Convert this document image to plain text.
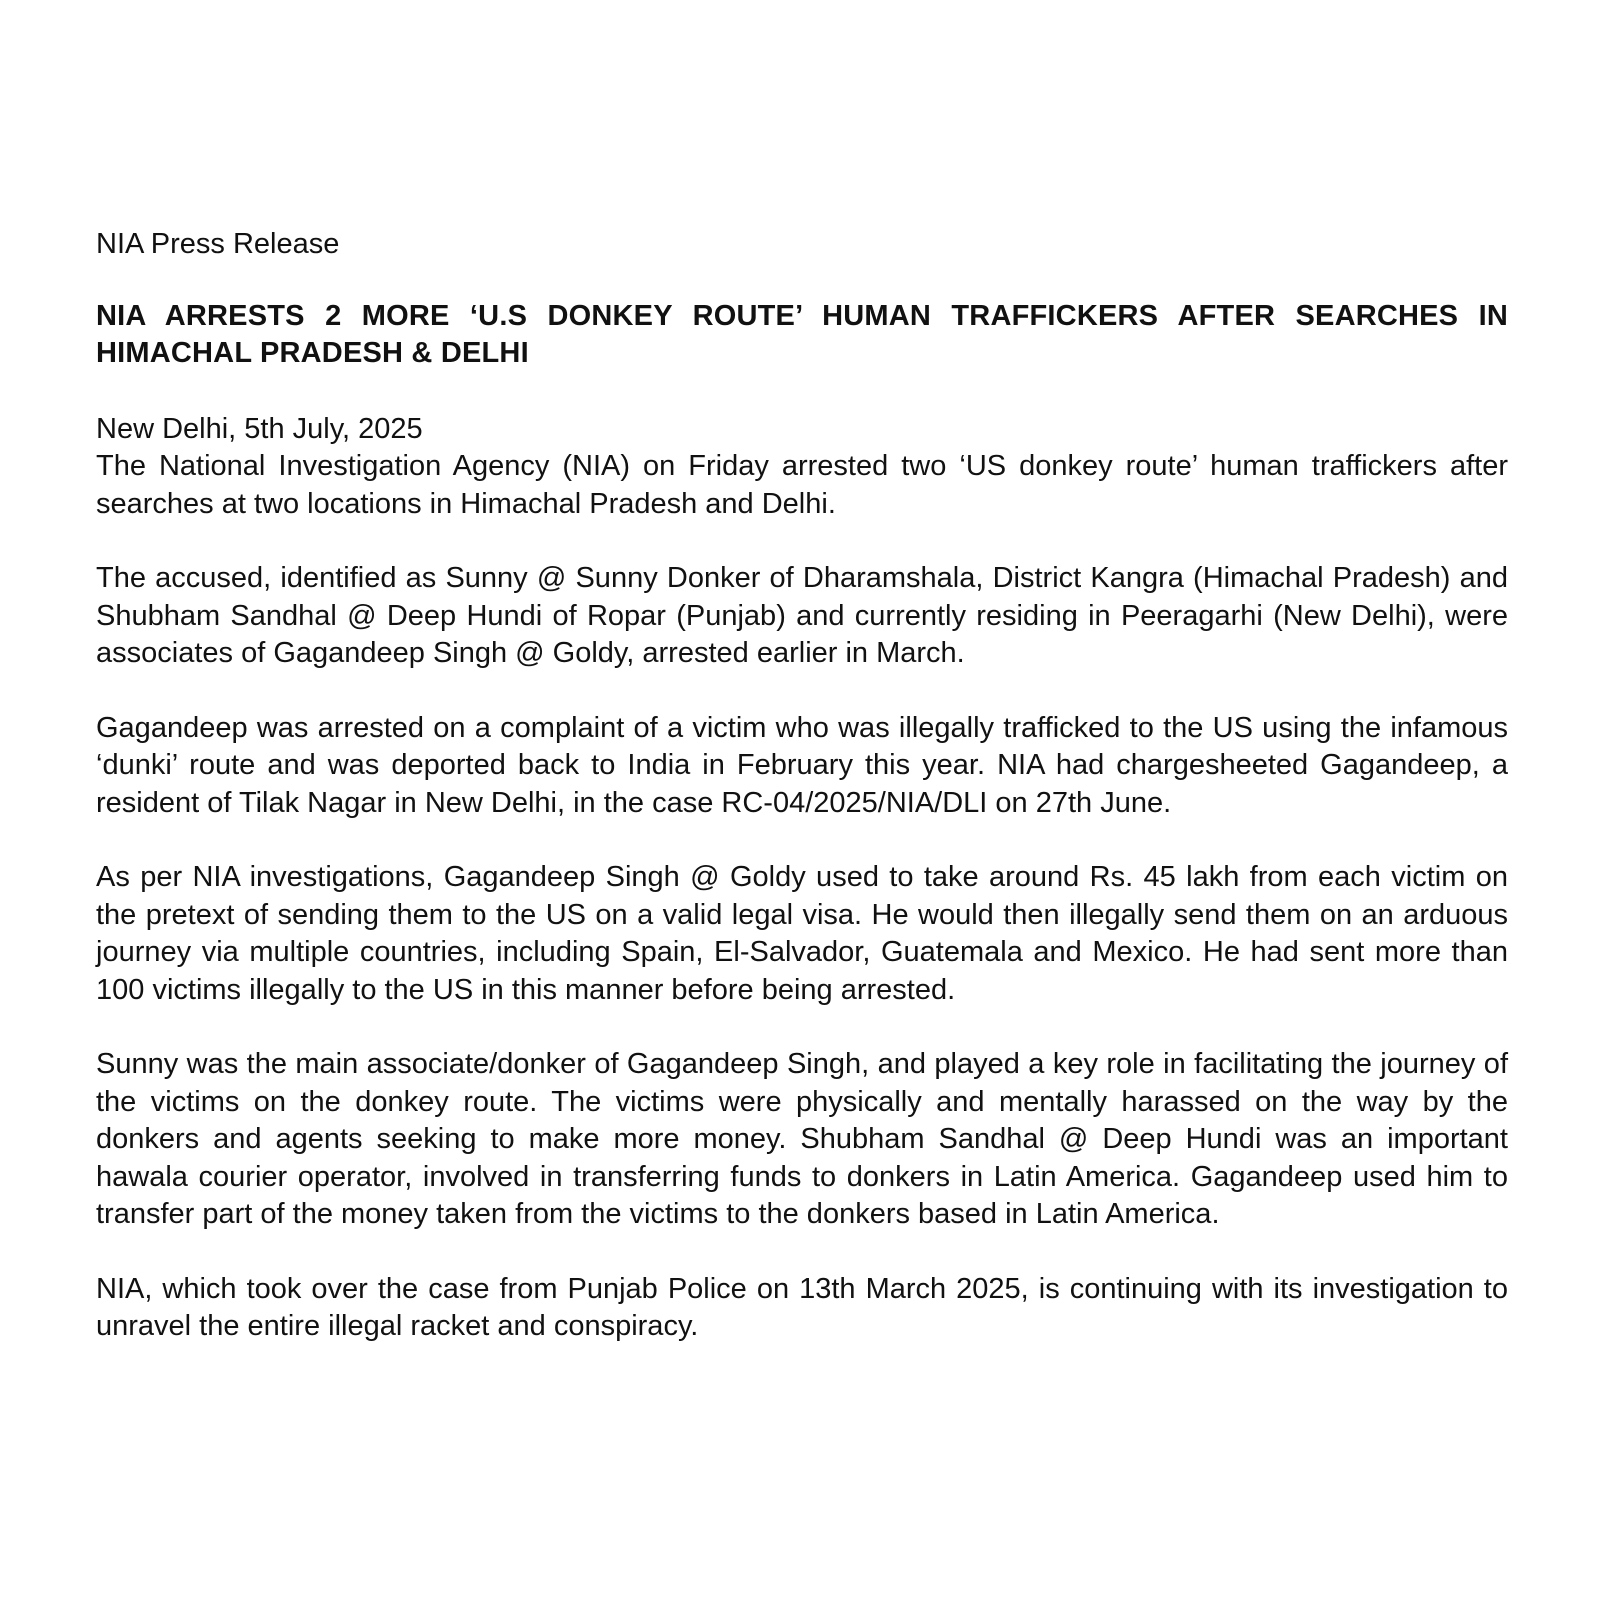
NIA Press Release
NIA ARRESTS 2 MORE ‘U.S DONKEY ROUTE’ HUMAN TRAFFICKERS AFTER SEARCHES IN HIMACHAL PRADESH & DELHI
New Delhi, 5th July, 2025
The National Investigation Agency (NIA) on Friday arrested two ‘US donkey route’ human traffickers after searches at two locations in Himachal Pradesh and Delhi.
The accused, identified as Sunny @ Sunny Donker of Dharamshala, District Kangra (Himachal Pradesh) and Shubham Sandhal @ Deep Hundi of Ropar (Punjab) and currently residing in Peeragarhi (New Delhi), were associates of Gagandeep Singh @ Goldy, arrested earlier in March.
Gagandeep was arrested on a complaint of a victim who was illegally trafficked to the US using the infamous ‘dunki’ route and was deported back to India in February this year. NIA had chargesheeted Gagandeep, a resident of Tilak Nagar in New Delhi, in the case RC-04/2025/NIA/DLI on 27th June.
As per NIA investigations, Gagandeep Singh @ Goldy used to take around Rs. 45 lakh from each victim on the pretext of sending them to the US on a valid legal visa. He would then illegally send them on an arduous journey via multiple countries, including Spain, El-Salvador, Guatemala and Mexico. He had sent more than 100 victims illegally to the US in this manner before being arrested.
Sunny was the main associate/donker of Gagandeep Singh, and played a key role in facilitating the journey of the victims on the donkey route. The victims were physically and mentally harassed on the way by the donkers and agents seeking to make more money. Shubham Sandhal @ Deep Hundi was an important hawala courier operator, involved in transferring funds to donkers in Latin America. Gagandeep used him to transfer part of the money taken from the victims to the donkers based in Latin America.
NIA, which took over the case from Punjab Police on 13th March 2025, is continuing with its investigation to unravel the entire illegal racket and conspiracy.
